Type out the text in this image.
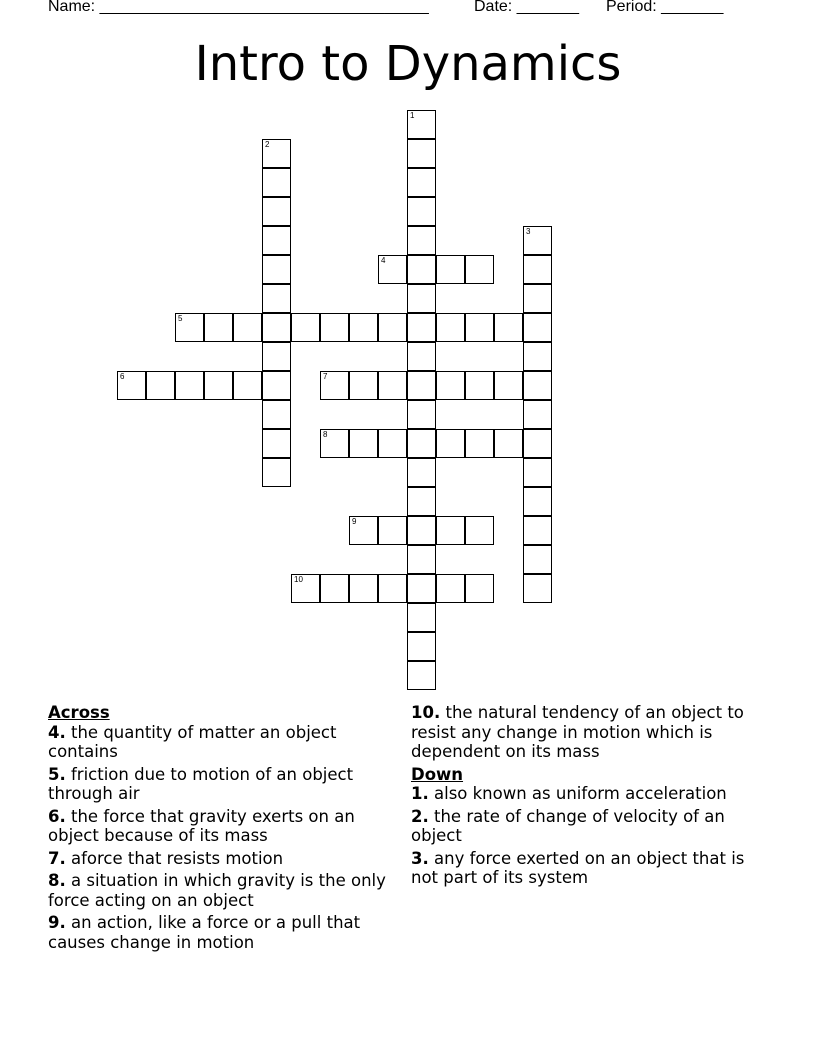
Name: _____________________________________	Date: _______ Period: _______
Intro to Dynamics
4
5
6	7
8
9
10
1
2
3
Across
4. the quantity of matter an object contains
5. friction due to motion of an object through air
6. the force that gravity exerts on an object because of its mass
7. aforce that resists motion
8. a situation in which gravity is the only force acting on an object
9. an action, like a force or a pull that causes change in motion
10. the natural tendency of an object to resist any change in motion which is dependent on its mass
Down
1. also known as uniform acceleration
2. the rate of change of velocity of an object
3. any force exerted on an object that is not part of its system
